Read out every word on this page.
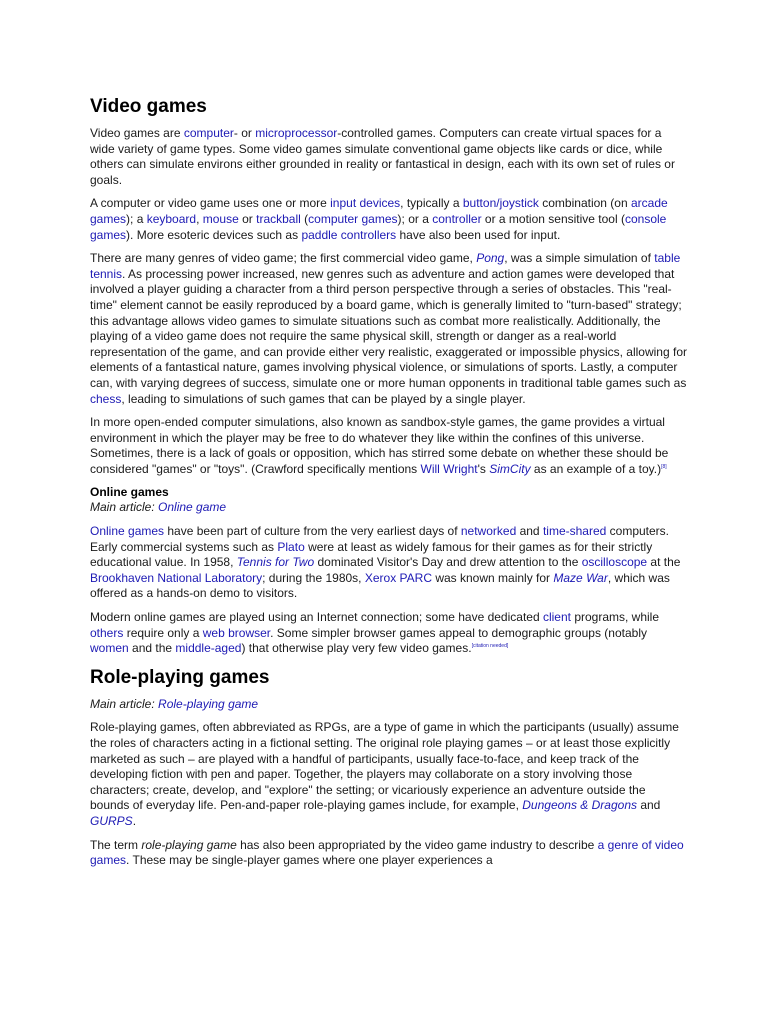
Video games

Video games are computer- or microprocessor-controlled games. Computers can create virtual spaces for a wide variety of game types. Some video games simulate conventional game objects like cards or dice, while others can simulate environs either grounded in reality or fantastical in design, each with its own set of rules or goals.

A computer or video game uses one or more input devices, typically a button/joystick combination (on arcade games); a keyboard, mouse or trackball (computer games); or a controller or a motion sensitive tool (console games). More esoteric devices such as paddle controllers have also been used for input.

There are many genres of video game; the first commercial video game, Pong, was a simple simulation of table tennis. As processing power increased, new genres such as adventure and action games were developed that involved a player guiding a character from a third person perspective through a series of obstacles. This "real-time" element cannot be easily reproduced by a board game, which is generally limited to "turn-based" strategy; this advantage allows video games to simulate situations such as combat more realistically. Additionally, the playing of a video game does not require the same physical skill, strength or danger as a real-world representation of the game, and can provide either very realistic, exaggerated or impossible physics, allowing for elements of a fantastical nature, games involving physical violence, or simulations of sports. Lastly, a computer can, with varying degrees of success, simulate one or more human opponents in traditional table games such as chess, leading to simulations of such games that can be played by a single player.

In more open-ended computer simulations, also known as sandbox-style games, the game provides a virtual environment in which the player may be free to do whatever they like within the confines of this universe. Sometimes, there is a lack of goals or opposition, which has stirred some debate on whether these should be considered "games" or "toys". (Crawford specifically mentions Will Wright's SimCity as an example of a toy.)[8]

Online games
Main article: Online game

Online games have been part of culture from the very earliest days of networked and time-shared computers. Early commercial systems such as Plato were at least as widely famous for their games as for their strictly educational value. In 1958, Tennis for Two dominated Visitor's Day and drew attention to the oscilloscope at the Brookhaven National Laboratory; during the 1980s, Xerox PARC was known mainly for Maze War, which was offered as a hands-on demo to visitors.

Modern online games are played using an Internet connection; some have dedicated client programs, while others require only a web browser. Some simpler browser games appeal to demographic groups (notably women and the middle-aged) that otherwise play very few video games.[citation needed]

Role-playing games
Main article: Role-playing game

Role-playing games, often abbreviated as RPGs, are a type of game in which the participants (usually) assume the roles of characters acting in a fictional setting. The original role playing games – or at least those explicitly marketed as such – are played with a handful of participants, usually face-to-face, and keep track of the developing fiction with pen and paper. Together, the players may collaborate on a story involving those characters; create, develop, and "explore" the setting; or vicariously experience an adventure outside the bounds of everyday life. Pen-and-paper role-playing games include, for example, Dungeons & Dragons and GURPS.

The term role-playing game has also been appropriated by the video game industry to describe a genre of video games. These may be single-player games where one player experiences a
